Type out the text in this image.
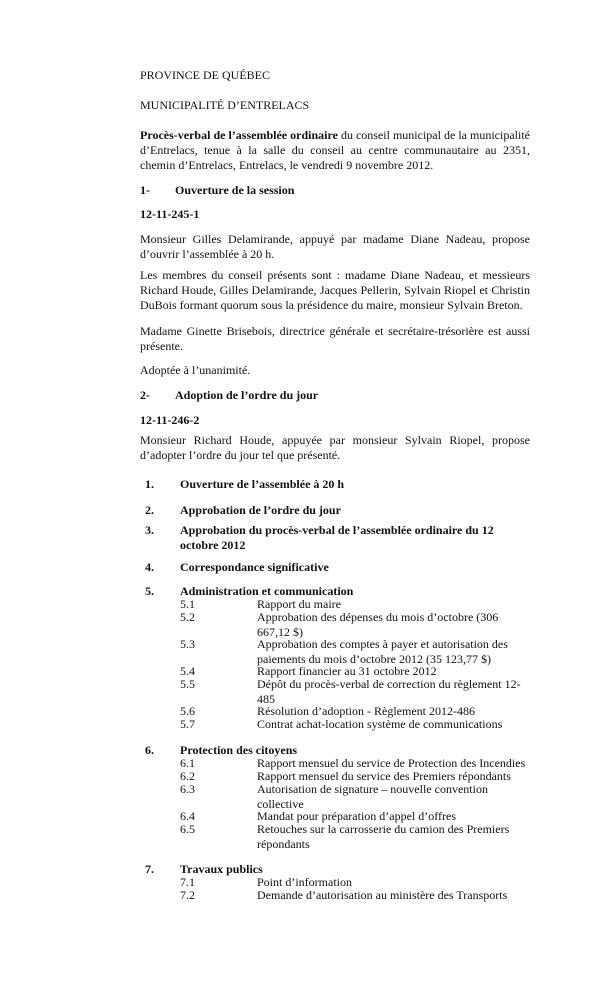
PROVINCE DE QUÉBEC
MUNICIPALITÉ D’ENTRELACS

Procès-verbal de l’assemblée ordinaire du conseil municipal de la municipalité d’Entrelacs, tenue à la salle du conseil au centre communautaire au 2351, chemin d’Entrelacs, Entrelacs, le vendredi 9 novembre 2012.

1- Ouverture de la session
12-11-245-1

Monsieur Gilles Delamirande, appuyé par madame Diane Nadeau, propose d’ouvrir l’assemblée à 20 h.

Les membres du conseil présents sont : madame Diane Nadeau, et messieurs Richard Houde, Gilles Delamirande, Jacques Pellerin, Sylvain Riopel et Christin DuBois formant quorum sous la présidence du maire, monsieur Sylvain Breton.

Madame Ginette Brisebois, directrice générale et secrétaire-trésorière est aussi présente.

Adoptée à l’unanimité.

2- Adoption de l’ordre du jour
12-11-246-2

Monsieur Richard Houde, appuyée par monsieur Sylvain Riopel, propose d’adopter l’ordre du jour tel que présenté.

1. Ouverture de l’assemblée à 20 h
2. Approbation de l’ordre du jour
3. Approbation du procès-verbal de l’assemblée ordinaire du 12 octobre 2012
4. Correspondance significative
5. Administration et communication
5.1	Rapport du maire
5.2	Approbation des dépenses du mois d’octobre (306 667,12 $)
5.3	Approbation des comptes à payer et autorisation des paiements du mois d’octobre 2012 (35 123,77 $)
5.4	Rapport financier au 31 octobre 2012
5.5	Dépôt du procès-verbal de correction du règlement 12-485
5.6	Résolution d’adoption - Règlement 2012-486
5.7	Contrat achat-location système de communications
6. Protection des citoyens
6.1	Rapport mensuel du service de Protection des Incendies
6.2	Rapport mensuel du service des Premiers répondants
6.3	Autorisation de signature – nouvelle convention collective
6.4	Mandat pour préparation d’appel d’offres
6.5	Retouches sur la carrosserie du camion des Premiers répondants
7. Travaux publics
7.1	Point d’information
7.2	Demande d’autorisation au ministère des Transports
